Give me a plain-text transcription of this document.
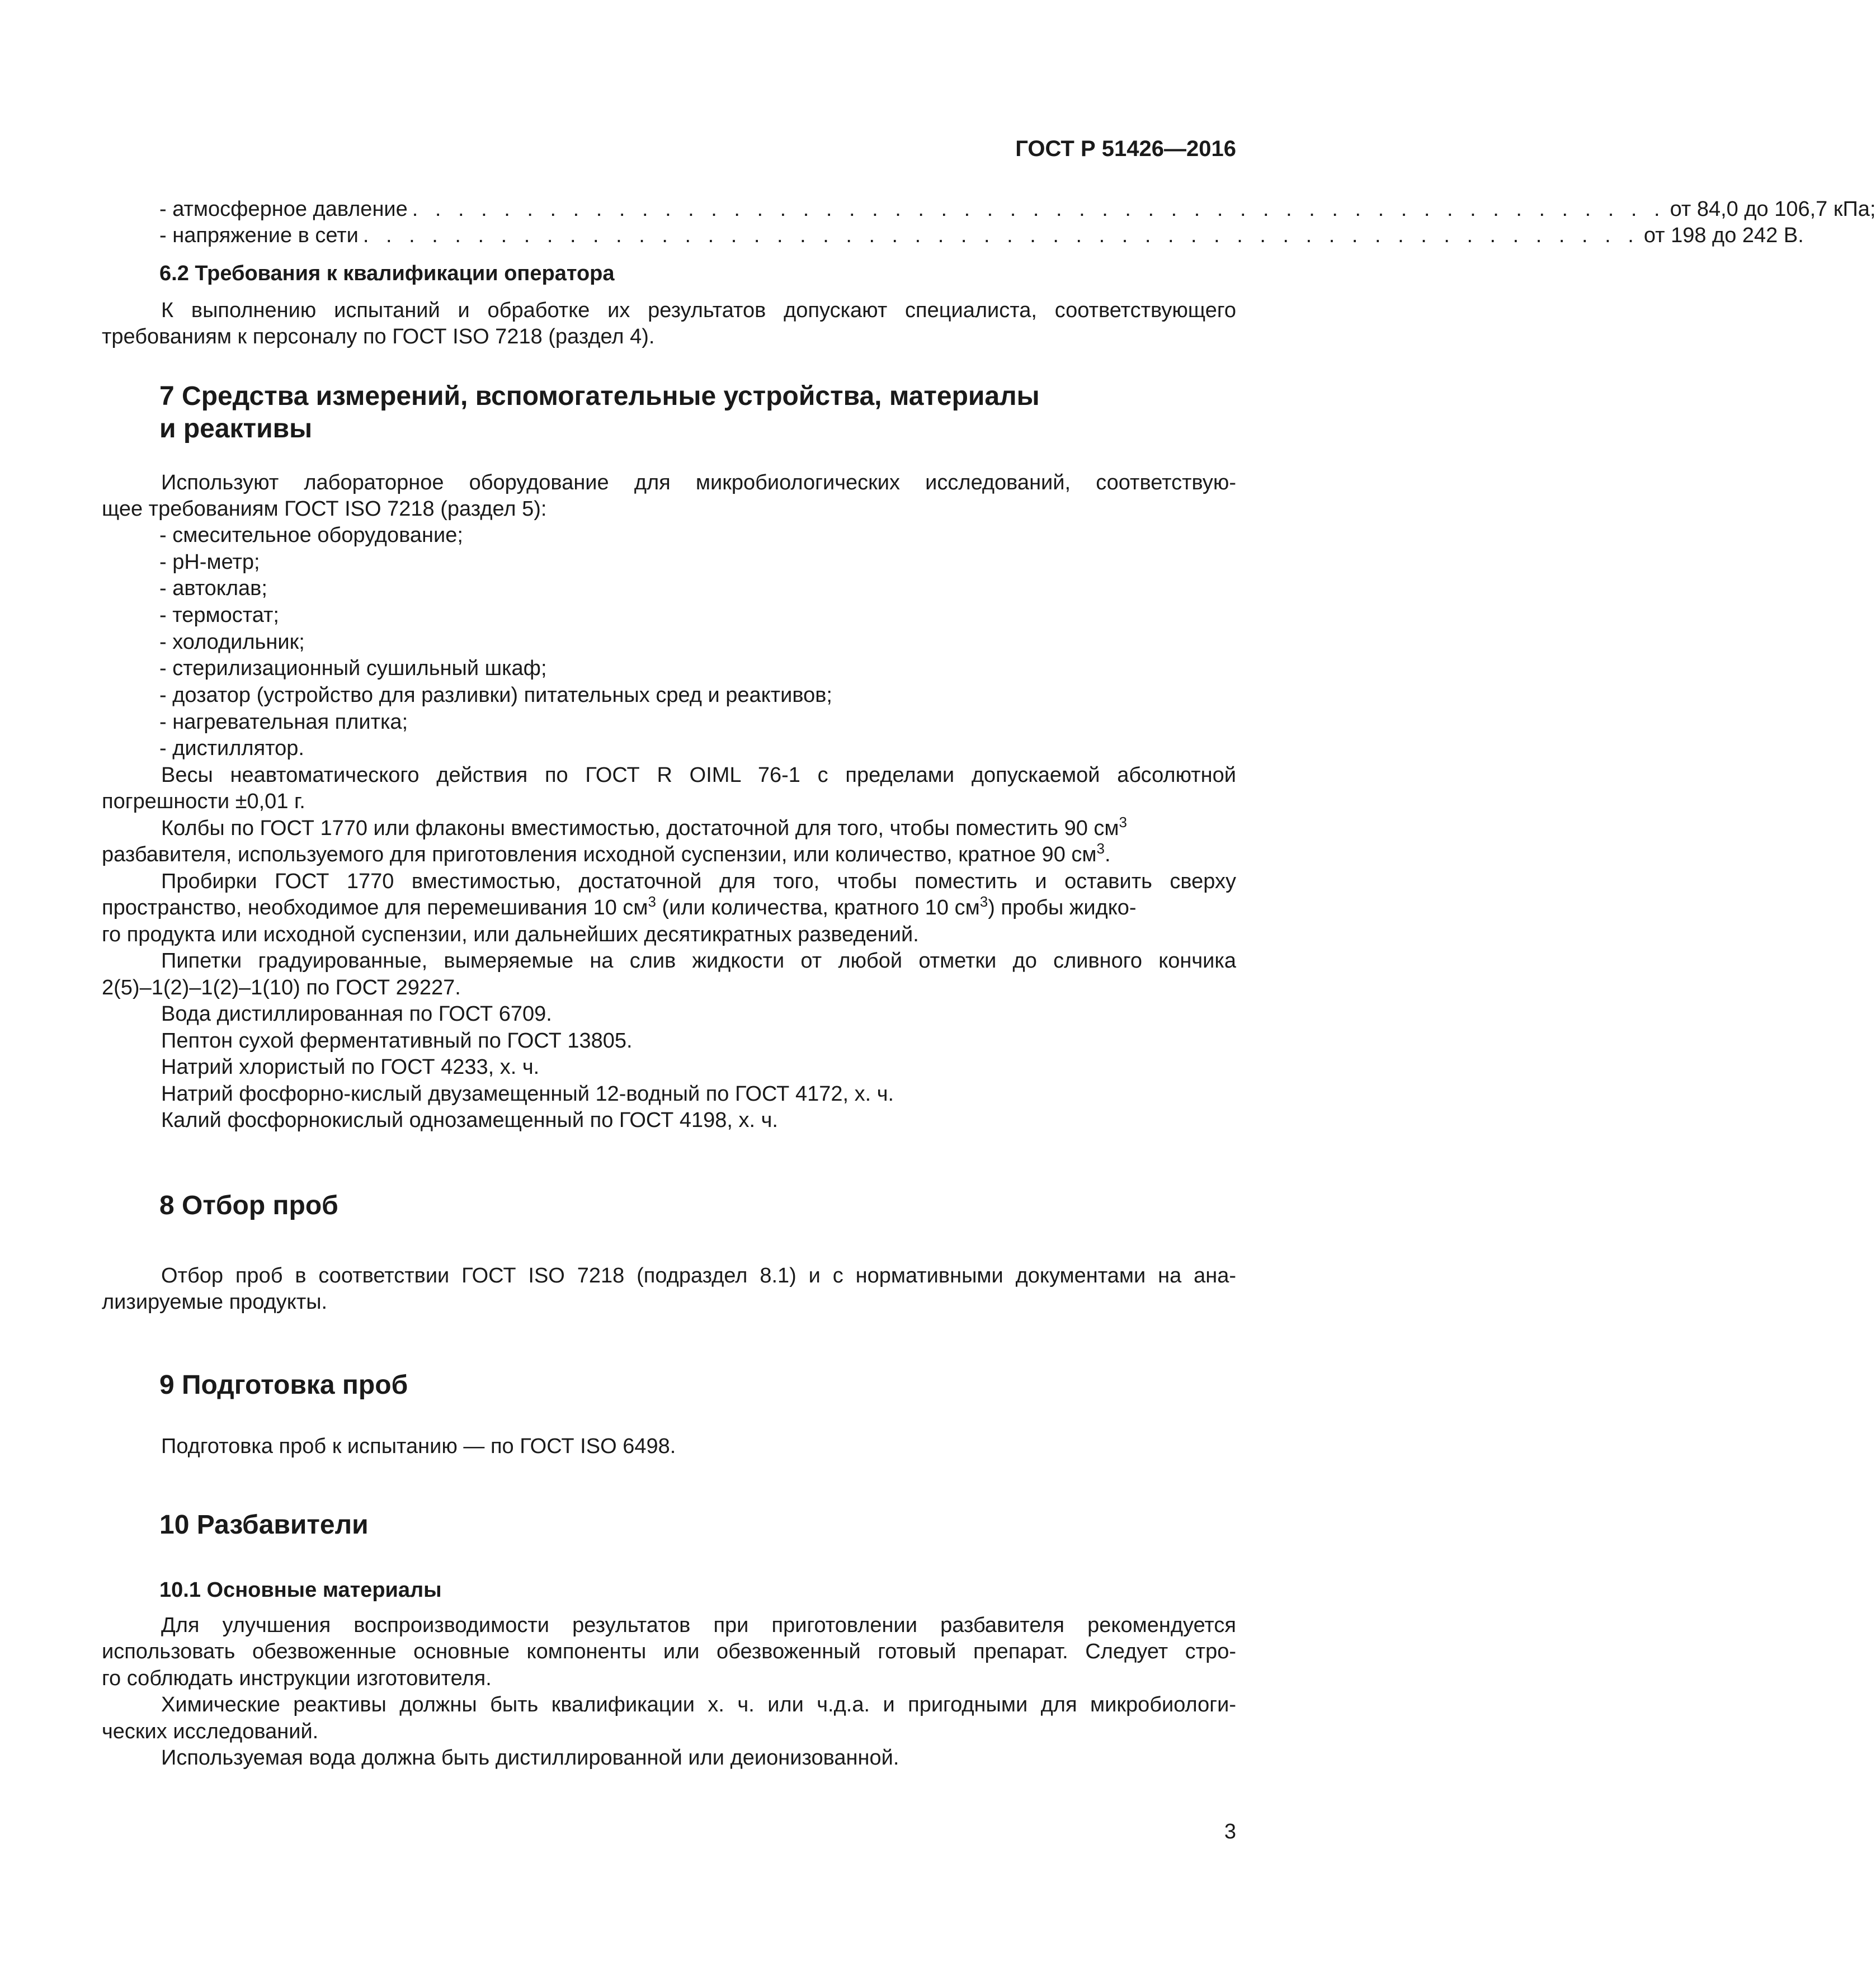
ГОСТ Р 51426—2016
- атмосферное давление . . . . . . . . . . . . . . . . . . . . . . . . . . . . . . . . . . . . . . . . . . . . . . . . . . . . . . . от 84,0 до 106,7 кПа;
- напряжение в сети . . . . . . . . . . . . . . . . . . . . . . . . . . . . . . . . . . . . . . . . . . . . . . . . . . . . . . . . от 198 до 242 В.
6.2 Требования к квалификации оператора
К выполнению испытаний и обработке их результатов допускают специалиста, соответствующего
требованиям к персоналу по ГОСТ ISO 7218 (раздел 4).
7 Средства измерений, вспомогательные устройства, материалы
и реактивы
Используют лабораторное оборудование для микробиологических исследований, соответствую-
щее требованиям ГОСТ ISO 7218 (раздел 5):
- смесительное оборудование;
- pH-метр;
- автоклав;
- термостат;
- холодильник;
- стерилизационный сушильный шкаф;
- дозатор (устройство для разливки) питательных сред и реактивов;
- нагревательная плитка;
- дистиллятор.
Весы неавтоматического действия по ГОСТ R OIML 76-1 с пределами допускаемой абсолютной
погрешности ±0,01 г.
Колбы по ГОСТ 1770 или флаконы вместимостью, достаточной для того, чтобы поместить 90 $см^3$
разбавителя, используемого для приготовления исходной суспензии, или количество, кратное 90 $см^3$.
Пробирки ГОСТ 1770 вместимостью, достаточной для того, чтобы поместить и оставить сверху
пространство, необходимое для перемешивания 10 $см^3$ (или количества, кратного 10 $см^3$) пробы жидко-
го продукта или исходной суспензии, или дальнейших десятикратных разведений.
Пипетки градуированные, вымеряемые на слив жидкости от любой отметки до сливного кончика
2(5)–1(2)–1(2)–1(10) по ГОСТ 29227.
Вода дистиллированная по ГОСТ 6709.
Пептон сухой ферментативный по ГОСТ 13805.
Натрий хлористый по ГОСТ 4233, х. ч.
Натрий фосфорно-кислый двузамещенный 12-водный по ГОСТ 4172, х. ч.
Калий фосфорнокислый однозамещенный по ГОСТ 4198, х. ч.
8 Отбор проб
Отбор проб в соответствии ГОСТ ISO 7218 (подраздел 8.1) и с нормативными документами на ана-
лизируемые продукты.
9 Подготовка проб
Подготовка проб к испытанию — по ГОСТ ISO 6498.
10 Разбавители
10.1 Основные материалы
Для улучшения воспроизводимости результатов при приготовлении разбавителя рекомендуется
использовать обезвоженные основные компоненты или обезвоженный готовый препарат. Следует стро-
го соблюдать инструкции изготовителя.
Химические реактивы должны быть квалификации х. ч. или ч.д.а. и пригодными для микробиологи-
ческих исследований.
Используемая вода должна быть дистиллированной или деионизованной.
3
